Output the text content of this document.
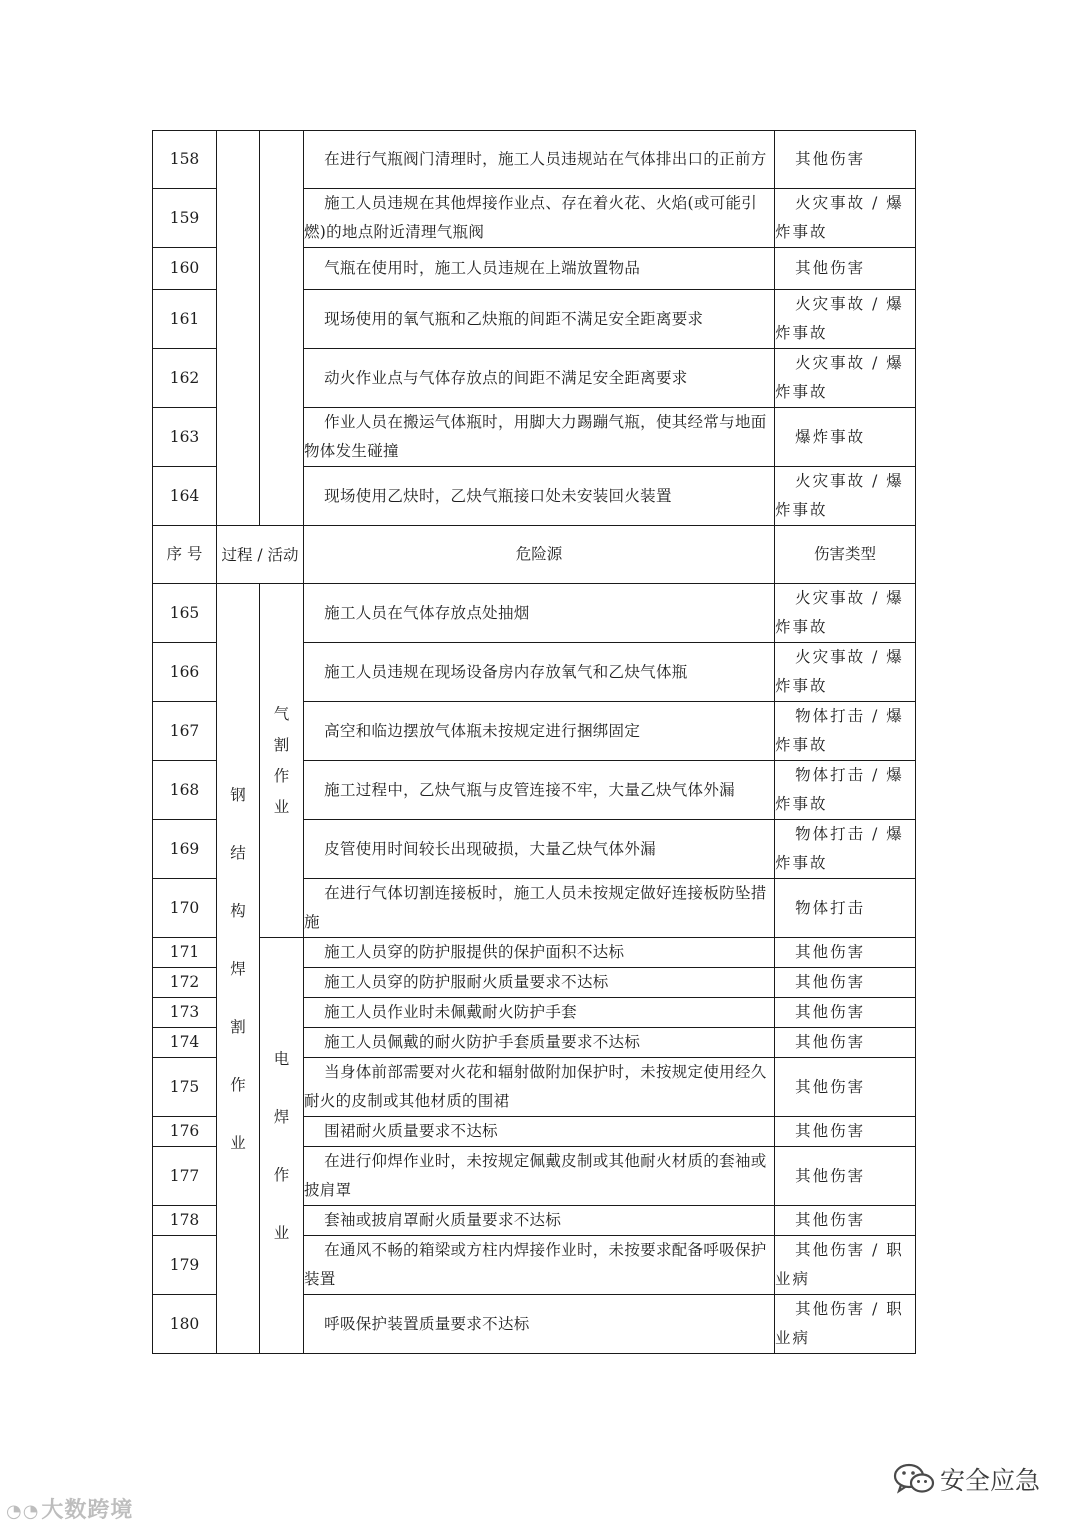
158			在进行气瓶阀门清理时，施工人员违规站在气体排出口的正前方	其他伤害
159			施工人员违规在其他焊接作业点、存在着火花、火焰(或可能引燃)的地点附近清理气瓶阀	火灾事故 / 爆炸事故
160			气瓶在使用时，施工人员违规在上端放置物品	其他伤害
161			现场使用的氧气瓶和乙炔瓶的间距不满足安全距离要求	火灾事故 / 爆炸事故
162			动火作业点与气体存放点的间距不满足安全距离要求	火灾事故 / 爆炸事故
163			作业人员在搬运气体瓶时，用脚大力踢蹦气瓶，使其经常与地面物体发生碰撞	爆炸事故
164			现场使用乙炔时，乙炔气瓶接口处未安装回火装置	火灾事故 / 爆炸事故
序 号	过程 / 活动		危险源	伤害类型
165	钢结构焊割作业	气割作业	施工人员在气体存放点处抽烟	火灾事故 / 爆炸事故
166			施工人员违规在现场设备房内存放氧气和乙炔气体瓶	火灾事故 / 爆炸事故
167			高空和临边摆放气体瓶未按规定进行捆绑固定	物体打击 / 爆炸事故
168			施工过程中，乙炔气瓶与皮管连接不牢，大量乙炔气体外漏	物体打击 / 爆炸事故
169			皮管使用时间较长出现破损，大量乙炔气体外漏	物体打击 / 爆炸事故
170			在进行气体切割连接板时，施工人员未按规定做好连接板防坠措施	物体打击
171		电焊作业	施工人员穿的防护服提供的保护面积不达标	其他伤害
172			施工人员穿的防护服耐火质量要求不达标	其他伤害
173			施工人员作业时未佩戴耐火防护手套	其他伤害
174			施工人员佩戴的耐火防护手套质量要求不达标	其他伤害
175			当身体前部需要对火花和辐射做附加保护时，未按规定使用经久耐火的皮制或其他材质的围裙	其他伤害
176			围裙耐火质量要求不达标	其他伤害
177			在进行仰焊作业时，未按规定佩戴皮制或其他耐火材质的套袖或披肩罩	其他伤害
178			套袖或披肩罩耐火质量要求不达标	其他伤害
179			在通风不畅的箱梁或方柱内焊接作业时，未按要求配备呼吸保护装置	其他伤害 / 职业病
180			呼吸保护装置质量要求不达标	其他伤害 / 职业病
◔◔大数跨境
安全应急
